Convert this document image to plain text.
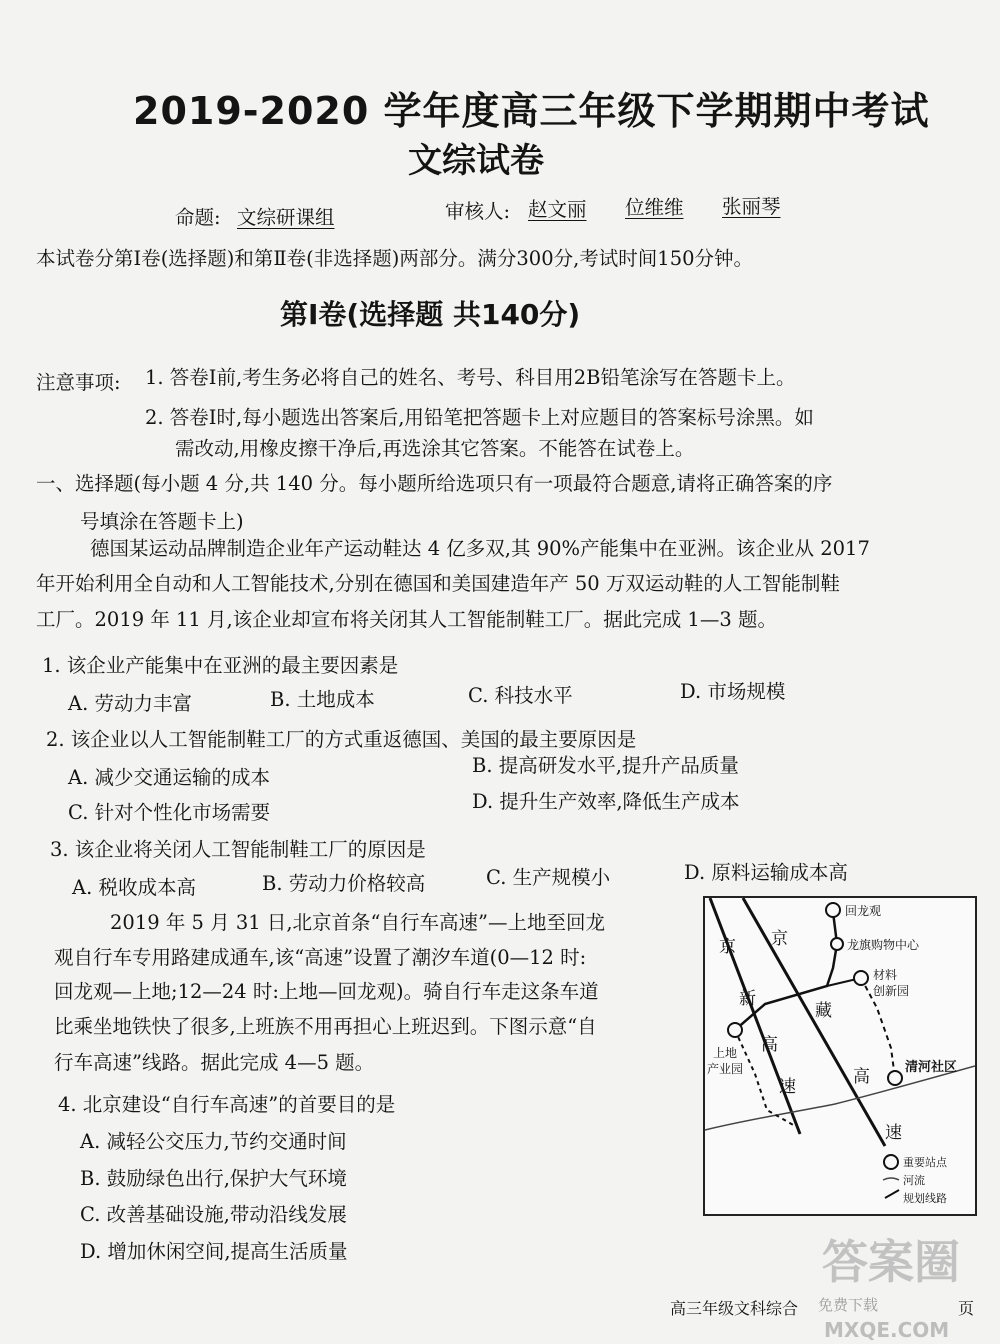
2019-2020 学年度高三年级下学期期中考试
文综试卷
命题: 文综研课组	审核人: 赵文丽 位维维 张丽琴
本试卷分第Ⅰ卷(选择题)和第Ⅱ卷(非选择题)两部分。满分300分,考试时间150分钟。
第Ⅰ卷(选择题 共140分)
注意事项: 1. 答卷Ⅰ前,考生务必将自己的姓名、考号、科目用2B铅笔涂写在答题卡上。
2. 答卷Ⅰ时,每小题选出答案后,用铅笔把答题卡上对应题目的答案标号涂黑。如
需改动,用橡皮擦干净后,再选涂其它答案。不能答在试卷上。
一、选择题(每小题 4 分,共 140 分。每小题所给选项只有一项最符合题意,请将正确答案的序
号填涂在答题卡上)
德国某运动品牌制造企业年产运动鞋达 4 亿多双,其 90%产能集中在亚洲。该企业从 2017
年开始利用全自动和人工智能技术,分别在德国和美国建造年产 50 万双运动鞋的人工智能制鞋
工厂。2019 年 11 月,该企业却宣布将关闭其人工智能制鞋工厂。据此完成 1—3 题。
1. 该企业产能集中在亚洲的最主要因素是
A. 劳动力丰富	B. 土地成本	C. 科技水平	D. 市场规模
2. 该企业以人工智能制鞋工厂的方式重返德国、美国的最主要原因是
A. 减少交通运输的成本
B. 提高研发水平,提升产品质量
C. 针对个性化市场需要	D. 提升生产效率,降低生产成本
3. 该企业将关闭人工智能制鞋工厂的原因是
A. 税收成本高	B. 劳动力价格较高	C. 生产规模小	D. 原料运输成本高
2019 年 5 月 31 日,北京首条“自行车高速”—上地至回龙
观自行车专用路建成通车,该“高速”设置了潮汐车道(0—12 时:
回龙观—上地;12—24 时:上地—回龙观)。骑自行车走这条车道
比乘坐地铁快了很多,上班族不用再担心上班迟到。下图示意“自
行车高速”线路。据此完成 4—5 题。
4. 北京建设“自行车高速”的首要目的是
A. 减轻公交压力,节约交通时间
B. 鼓励绿色出行,保护大气环境
C. 改善基础设施,带动沿线发展
D. 增加休闲空间,提高生活质量
回龙观
龙旗购物中心
材料
创新园
上地
产业园	清河社区
京
新
高
速
京
藏
高
速
重要站点
河流
规划线路
高三年级文科综合 免费下载	页
答案圈
MXQE.COM
